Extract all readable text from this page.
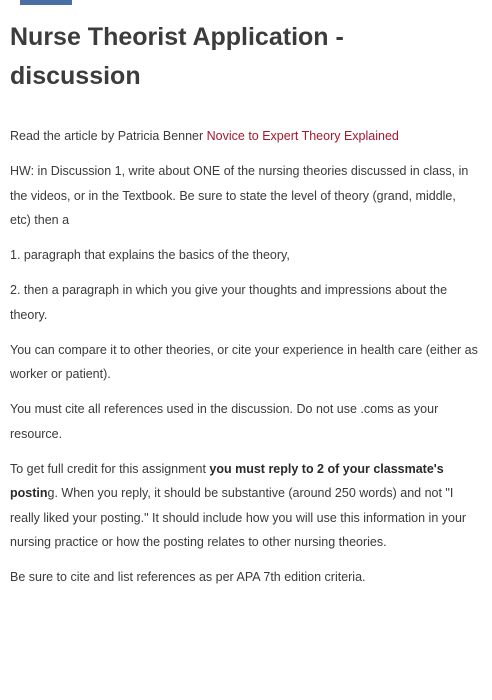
Nurse Theorist Application - discussion

Read the article by Patricia Benner Novice to Expert Theory Explained

HW: in Discussion 1, write about ONE of the nursing theories discussed in class, in the videos, or in the Textbook. Be sure to state the level of theory (grand, middle, etc) then a

1. paragraph that explains the basics of the theory,

2. then a paragraph in which you give your thoughts and impressions about the theory.

You can compare it to other theories, or cite your experience in health care (either as worker or patient).

You must cite all references used in the discussion. Do not use .coms as your resource.

To get full credit for this assignment you must reply to 2 of your classmate's posting. When you reply, it should be substantive (around 250 words) and not "I really liked your posting." It should include how you will use this information in your nursing practice or how the posting relates to other nursing theories.

Be sure to cite and list references as per APA 7th edition criteria.
